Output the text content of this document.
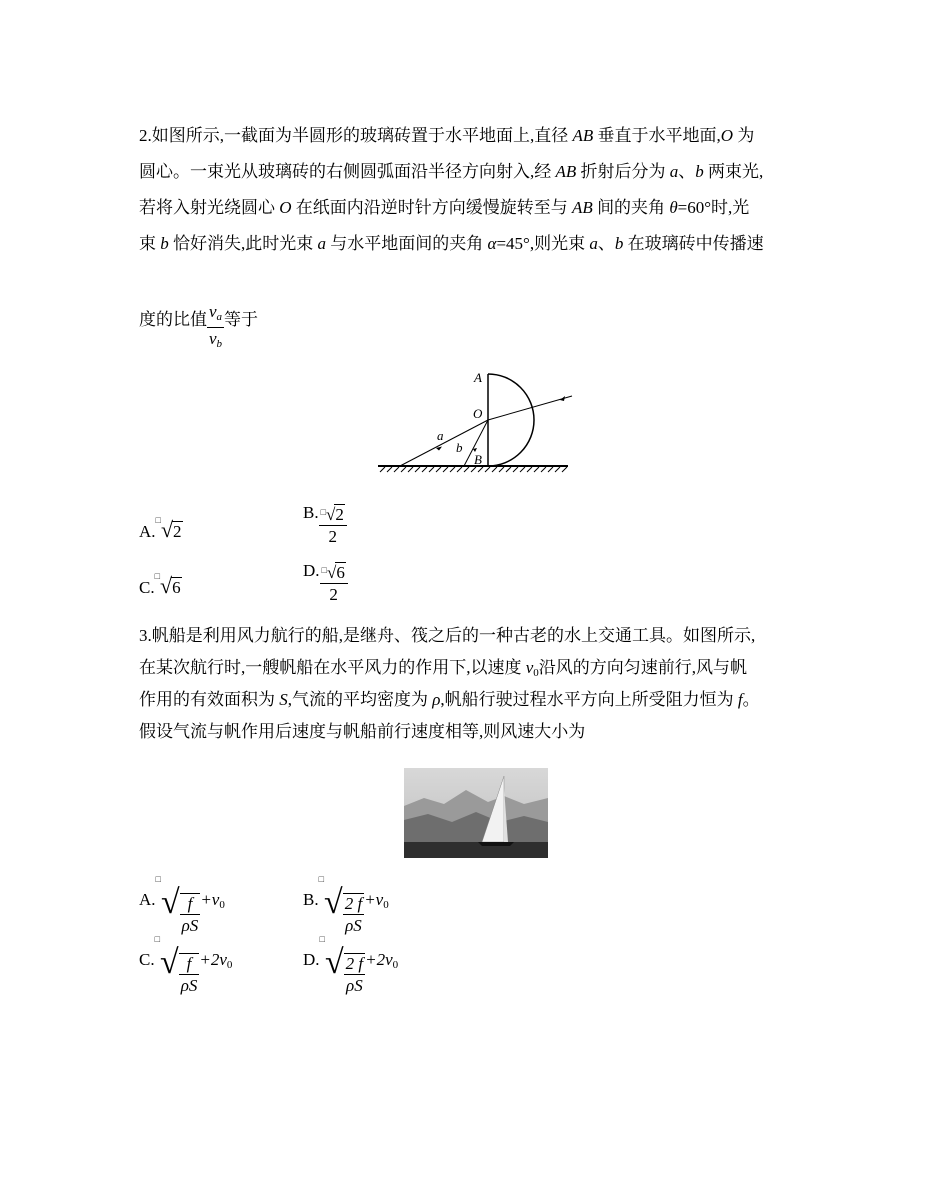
2.如图所示,一截面为半圆形的玻璃砖置于水平地面上,直径 AB 垂直于水平地面,O 为
圆心。一束光从玻璃砖的右侧圆弧面沿半径方向射入,经 AB 折射后分为 a、b 两束光,
若将入射光绕圆心 O 在纸面内沿逆时针方向缓慢旋转至与 AB 间的夹角 θ=60°时,光
束 b 恰好消失,此时光束 a 与水平地面间的夹角 α=45°,则光束 a、b 在玻璃砖中传播速
度的比值 $\frac{v_a}{v_b}$ 等于
A
O
B
a
b
A.□√2
B. $\frac{^□√2}{2}$
C.□√6
D. $\frac{^□√6}{2}$
3.帆船是利用风力航行的船,是继舟、筏之后的一种古老的水上交通工具。如图所示,
在某次航行时,一艘帆船在水平风力的作用下,以速度 $v_0$沿风的方向匀速前行,风与帆
作用的有效面积为 S,气流的平均密度为 ρ,帆船行驶过程水平方向上所受阻力恒为 f。
假设气流与帆作用后速度与帆船前行速度相等,则风速大小为
$A.^□√ \frac{f}{\rho S} +v_0$	$B.^□√ \frac{2 f}{\rho S} +v_0$
$C.^□√ \frac{f}{\rho S} +2v_0$	$D.^□√ \frac{2 f}{\rho S} +2v_0$
